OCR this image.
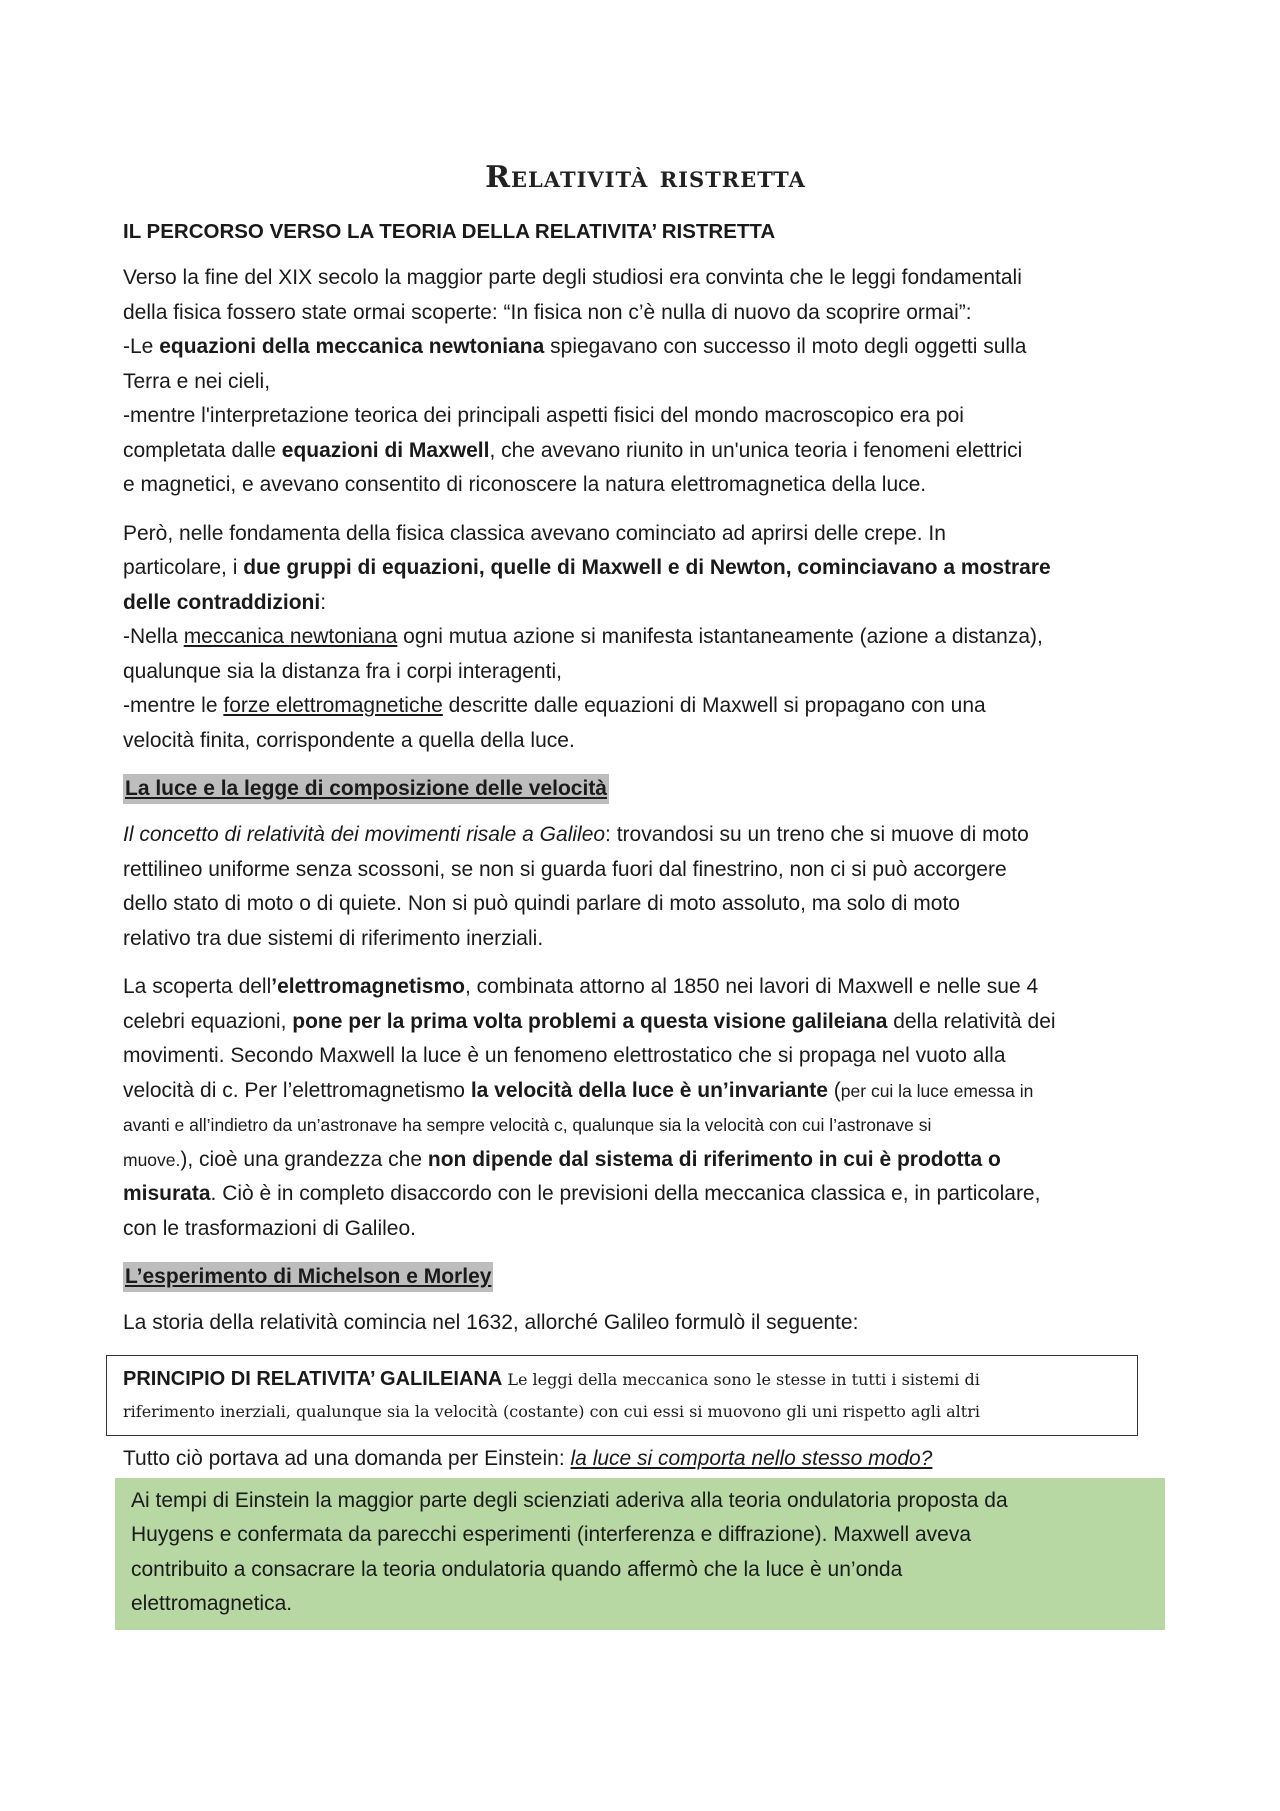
Relatività ristretta
IL PERCORSO VERSO LA TEORIA DELLA RELATIVITA’ RISTRETTA

Verso la fine del XIX secolo la maggior parte degli studiosi era convinta che le leggi fondamentali
della fisica fossero state ormai scoperte: “In fisica non c’è nulla di nuovo da scoprire ormai”:
-Le equazioni della meccanica newtoniana spiegavano con successo il moto degli oggetti sulla
Terra e nei cieli,
-mentre l'interpretazione teorica dei principali aspetti fisici del mondo macroscopico era poi
completata dalle equazioni di Maxwell, che avevano riunito in un'unica teoria i fenomeni elettrici
e magnetici, e avevano consentito di riconoscere la natura elettromagnetica della luce.

Però, nelle fondamenta della fisica classica avevano cominciato ad aprirsi delle crepe. In
particolare, i due gruppi di equazioni, quelle di Maxwell e di Newton, cominciavano a mostrare
delle contraddizioni:
-Nella meccanica newtoniana ogni mutua azione si manifesta istantaneamente (azione a distanza),
qualunque sia la distanza fra i corpi interagenti,
-mentre le forze elettromagnetiche descritte dalle equazioni di Maxwell si propagano con una
velocità finita, corrispondente a quella della luce.

La luce e la legge di composizione delle velocità

Il concetto di relatività dei movimenti risale a Galileo: trovandosi su un treno che si muove di moto
rettilineo uniforme senza scossoni, se non si guarda fuori dal finestrino, non ci si può accorgere
dello stato di moto o di quiete. Non si può quindi parlare di moto assoluto, ma solo di moto
relativo tra due sistemi di riferimento inerziali.

La scoperta dell’elettromagnetismo, combinata attorno al 1850 nei lavori di Maxwell e nelle sue 4
celebri equazioni, pone per la prima volta problemi a questa visione galileiana della relatività dei
movimenti. Secondo Maxwell la luce è un fenomeno elettrostatico che si propaga nel vuoto alla
velocità di c. Per l’elettromagnetismo la velocità della luce è un’invariante (per cui la luce emessa in
avanti e all’indietro da un’astronave ha sempre velocità c, qualunque sia la velocità con cui l’astronave si
muove.), cioè una grandezza che non dipende dal sistema di riferimento in cui è prodotta o
misurata. Ciò è in completo disaccordo con le previsioni della meccanica classica e, in particolare,
con le trasformazioni di Galileo.

L’esperimento di Michelson e Morley

La storia della relatività comincia nel 1632, allorché Galileo formulò il seguente:

PRINCIPIO DI RELATIVITA’ GALILEIANA Le leggi della meccanica sono le stesse in tutti i sistemi di
riferimento inerziali, qualunque sia la velocità (costante) con cui essi si muovono gli uni rispetto agli altri
Tutto ciò portava ad una domanda per Einstein: la luce si comporta nello stesso modo?
Ai tempi di Einstein la maggior parte degli scienziati aderiva alla teoria ondulatoria proposta da
Huygens e confermata da parecchi esperimenti (interferenza e diffrazione). Maxwell aveva
contribuito a consacrare la teoria ondulatoria quando affermò che la luce è un’onda
elettromagnetica.
